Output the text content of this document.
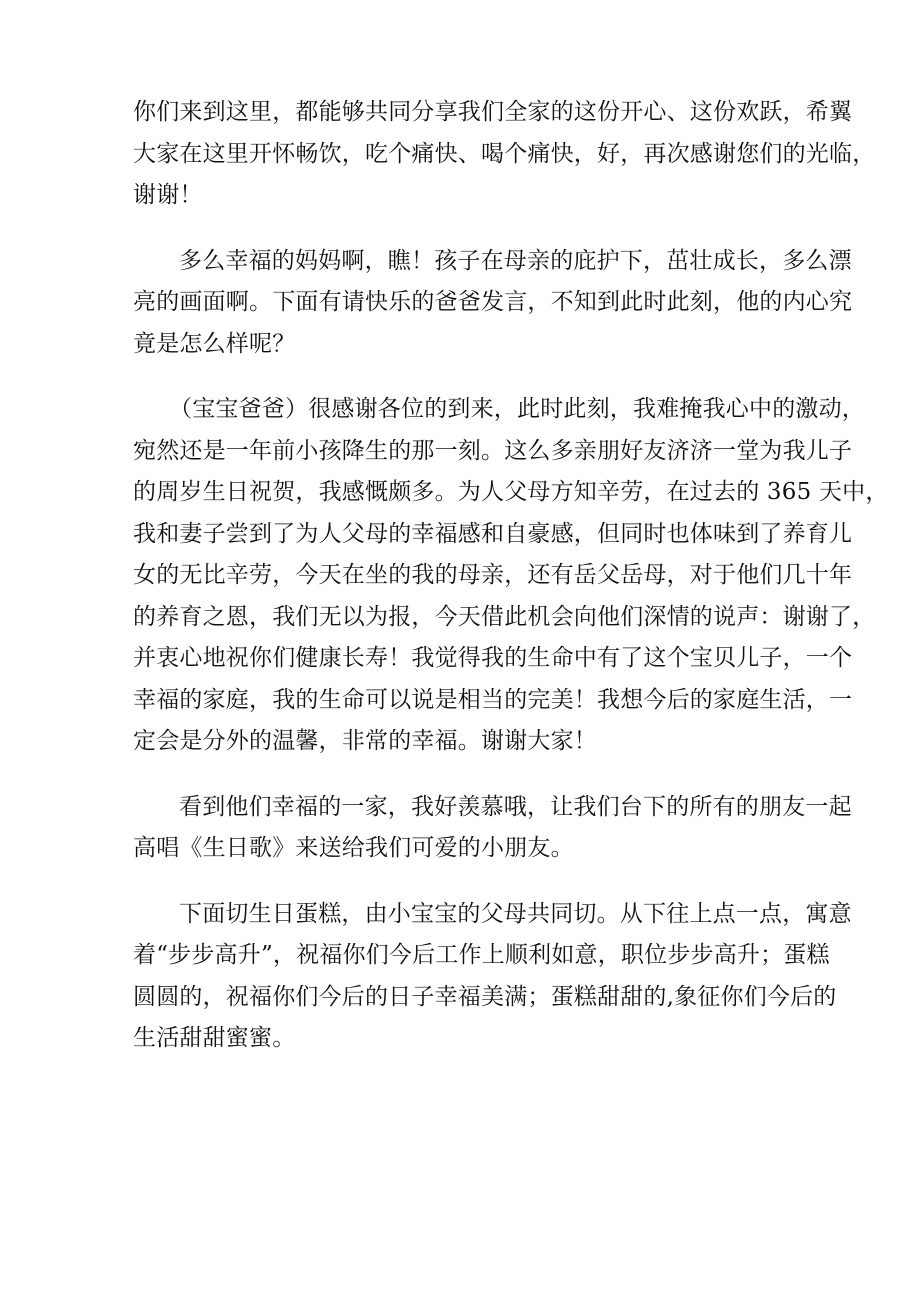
你们来到这里，都能够共同分享我们全家的这份开心、这份欢跃，希翼
大家在这里开怀畅饮，吃个痛快、喝个痛快，好，再次感谢您们的光临，
谢谢！

多么幸福的妈妈啊，瞧！孩子在母亲的庇护下，茁壮成长，多么漂
亮的画面啊。下面有请快乐的爸爸发言，不知到此时此刻，他的内心究
竟是怎么样呢？

（宝宝爸爸）很感谢各位的到来，此时此刻，我难掩我心中的激动，
宛然还是一年前小孩降生的那一刻。这么多亲朋好友济济一堂为我儿子
的周岁生日祝贺，我感慨颇多。为人父母方知辛劳，在过去的 365 天中，
我和妻子尝到了为人父母的幸福感和自豪感，但同时也体味到了养育儿
女的无比辛劳，今天在坐的我的母亲，还有岳父岳母，对于他们几十年
的养育之恩，我们无以为报，今天借此机会向他们深情的说声：谢谢了，
并衷心地祝你们健康长寿！我觉得我的生命中有了这个宝贝儿子，一个
幸福的家庭，我的生命可以说是相当的完美！我想今后的家庭生活，一
定会是分外的温馨，非常的幸福。谢谢大家！

看到他们幸福的一家，我好羡慕哦，让我们台下的所有的朋友一起
高唱《生日歌》来送给我们可爱的小朋友。

下面切生日蛋糕，由小宝宝的父母共同切。从下往上点一点，寓意
着“步步高升”，祝福你们今后工作上顺利如意，职位步步高升；蛋糕
圆圆的，祝福你们今后的日子幸福美满；蛋糕甜甜的,象征你们今后的
生活甜甜蜜蜜。
